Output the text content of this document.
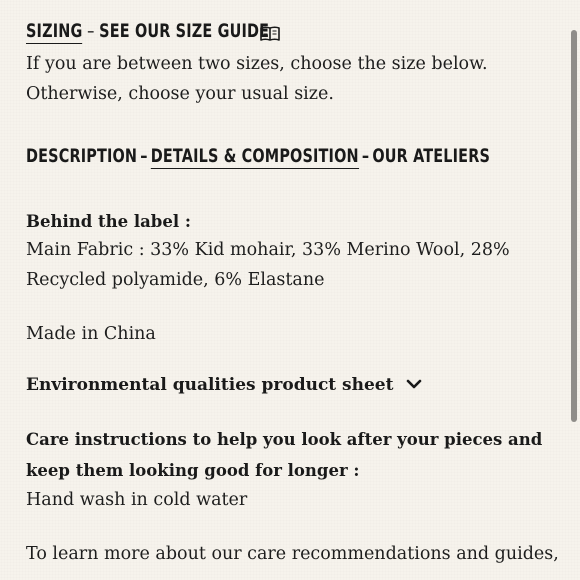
SIZING – SEE OUR SIZE GUIDE
If you are between two sizes, choose the size below.
Otherwise, choose your usual size.
DESCRIPTION – DETAILS & COMPOSITION – OUR ATELIERS
Behind the label :
Main Fabric : 33% Kid mohair, 33% Merino Wool, 28%
Recycled polyamide, 6% Elastane
Made in China
Environmental qualities product sheet
Care instructions to help you look after your pieces and
keep them looking good for longer :
Hand wash in cold water
To learn more about our care recommendations and guides,
